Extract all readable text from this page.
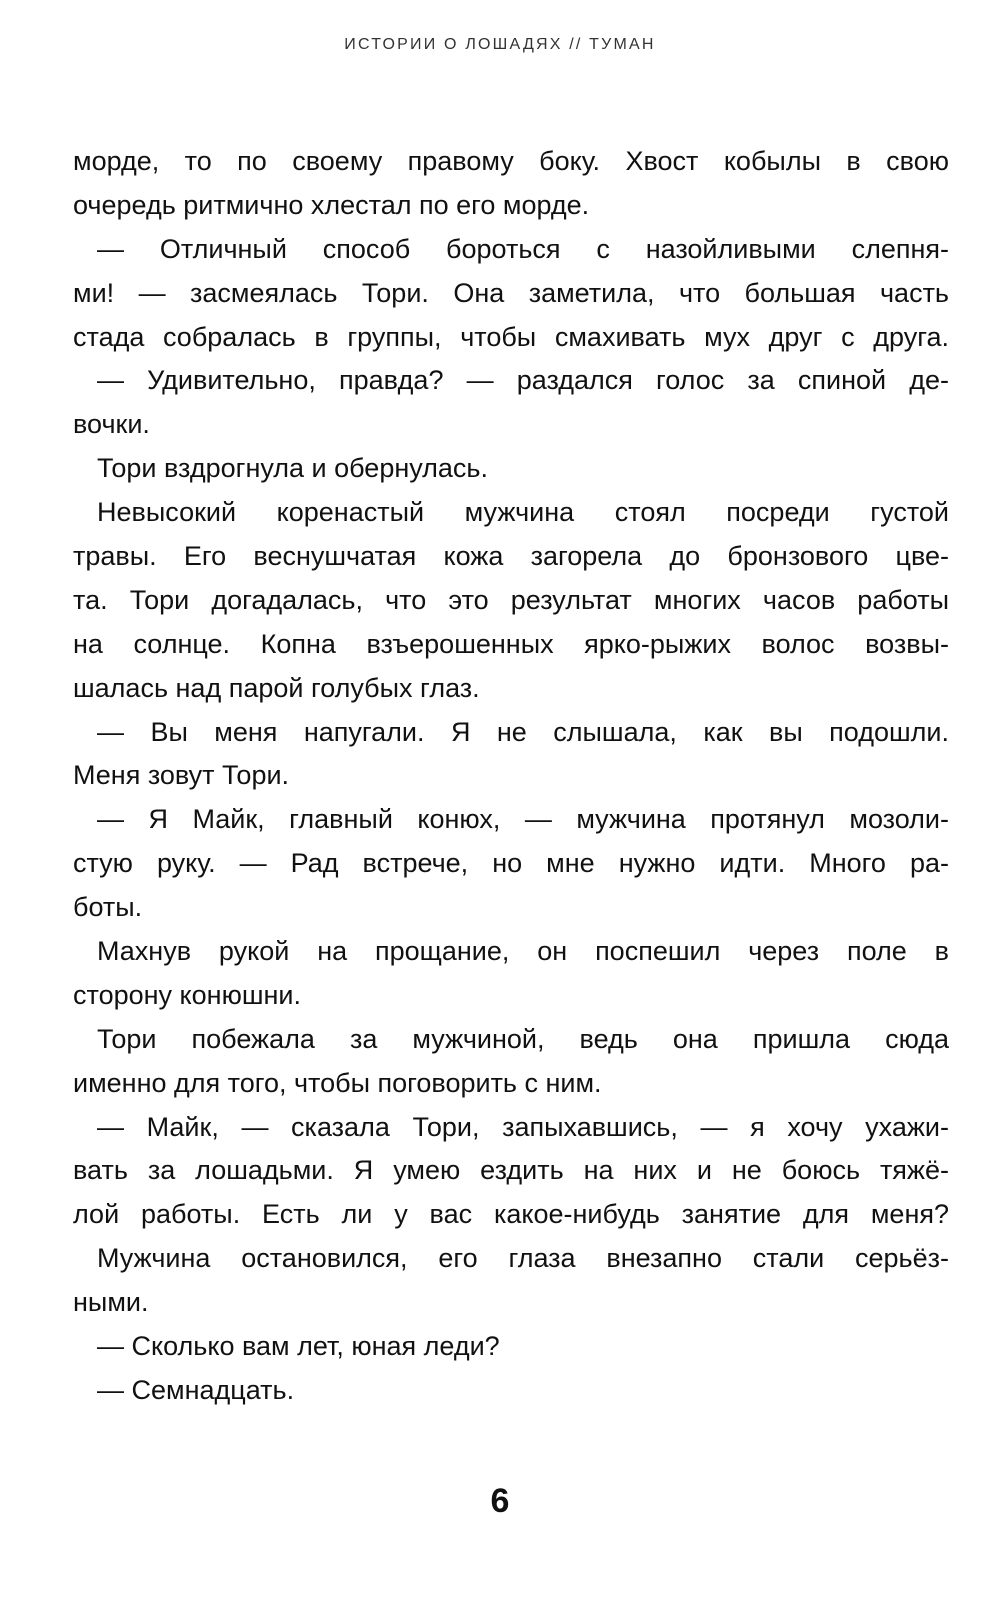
ИСТОРИИ О ЛОШАДЯХ // ТУМАН
морде, то по своему правому боку. Хвост кобылы в свою
очередь ритмично хлестал по его морде.
— Отличный способ бороться с назойливыми слепня-
ми! — засмеялась Тори. Она заметила, что большая часть
стада собралась в группы, чтобы смахивать мух друг с друга.
— Удивительно, правда? — раздался голос за спиной де-
вочки.
Тори вздрогнула и обернулась.
Невысокий коренастый мужчина стоял посреди густой
травы. Его веснушчатая кожа загорела до бронзового цве-
та. Тори догадалась, что это результат многих часов работы
на солнце. Копна взъерошенных ярко-рыжих волос возвы-
шалась над парой голубых глаз.
— Вы меня напугали. Я не слышала, как вы подошли.
Меня зовут Тори.
— Я Майк, главный конюх, — мужчина протянул мозоли-
стую руку. — Рад встрече, но мне нужно идти. Много ра-
боты.
Махнув рукой на прощание, он поспешил через поле в
сторону конюшни.
Тори побежала за мужчиной, ведь она пришла сюда
именно для того, чтобы поговорить с ним.
— Майк, — сказала Тори, запыхавшись, — я хочу ухажи-
вать за лошадьми. Я умею ездить на них и не боюсь тяжё-
лой работы. Есть ли у вас какое-нибудь занятие для меня?
Мужчина остановился, его глаза внезапно стали серьёз-
ными.
— Сколько вам лет, юная леди?
— Семнадцать.
6
